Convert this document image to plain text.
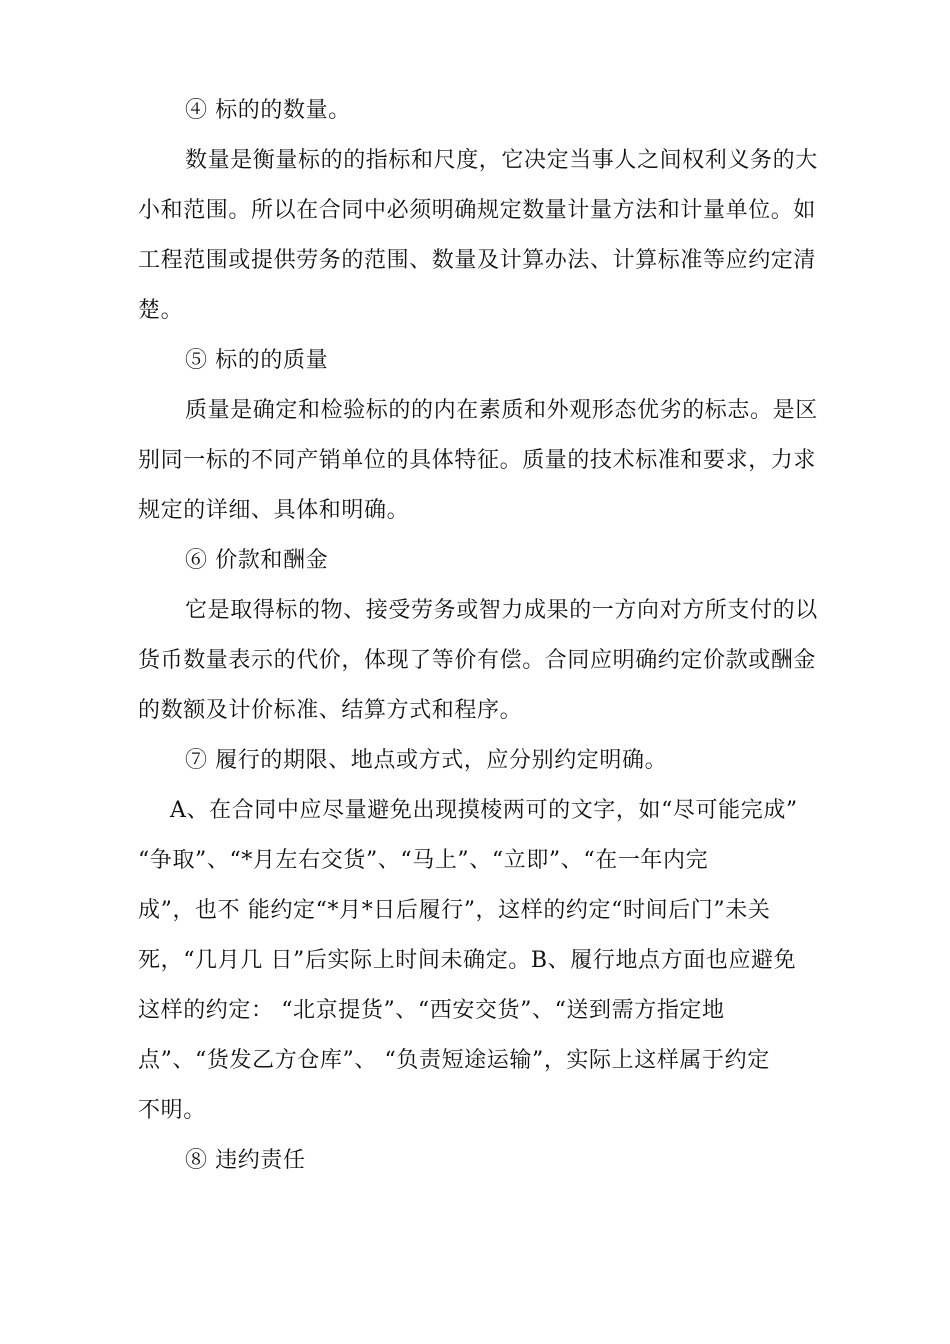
④ 标的的数量。
数量是衡量标的的指标和尺度，它决定当事人之间权利义务的大
小和范围。所以在合同中必须明确规定数量计量方法和计量单位。如
工程范围或提供劳务的范围、数量及计算办法、计算标准等应约定清
楚。
⑤ 标的的质量
质量是确定和检验标的的内在素质和外观形态优劣的标志。是区
别同一标的不同产销单位的具体特征。质量的技术标准和要求，力求
规定的详细、具体和明确。
⑥ 价款和酬金
它是取得标的物、接受劳务或智力成果的一方向对方所支付的以
货币数量表示的代价，体现了等价有偿。合同应明确约定价款或酬金
的数额及计价标准、结算方式和程序。
⑦ 履行的期限、地点或方式，应分别约定明确。
A、在合同中应尽量避免出现摸棱两可的文字，如“尽可能完成”
“争取”、“*月左右交货”、“马上”、“立即”、“在一年内完
成”，也不 能约定“*月*日后履行”，这样的约定“时间后门”未关
死，“几月几 日”后实际上时间未确定。B、履行地点方面也应避免
这样的约定： “北京提货”、“西安交货”、“送到需方指定地
点”、“货发乙方仓库”、 “负责短途运输”，实际上这样属于约定
不明。
⑧ 违约责任
